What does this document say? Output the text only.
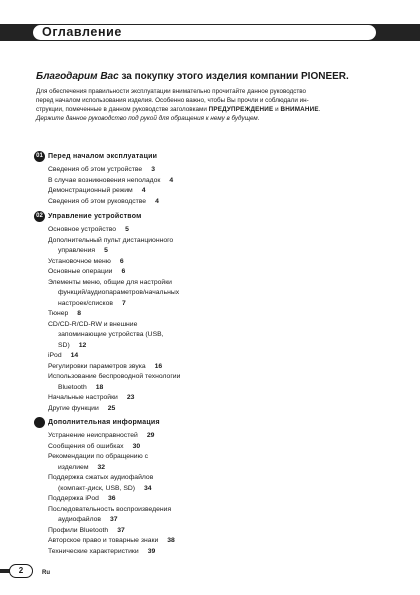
Оглавление
Благодарим Вас за покупку этого изделия компании PIONEER.

Для обеспечения правильности эксплуатации внимательно прочитайте данное руководство

перед началом использования изделия. Особенно важно, чтобы Вы прочли и соблюдали ин-

струкции, помеченные в данном руководстве заголовками ПРЕДУПРЕЖДЕНИЕ и ВНИМАНИЕ.

Держите данное руководство под рукой для обращения к нему в будущем.

01 Перед началом эксплуатации
Сведения об этом устройстве 3
В случае возникновения неполадок 4
Демонстрационный режим 4
Сведения об этом руководстве 4
02 Управление устройством
Основное устройство 5
Дополнительный пульт дистанционного
управления 5
Установочное меню 6
Основные операции 6
Элементы меню, общие для настройки
функций/аудиопараметров/начальных
настроек/списков 7
Тюнер 8
CD/CD-R/CD-RW и внешние
запоминающие устройства (USB,
SD) 12
iPod 14
Регулировки параметров звука 16
Использование беспроводной технологии
Bluetooth 18
Начальные настройки 23
Другие функции 25
Дополнительная информация
Устранение неисправностей 29
Сообщения об ошибках 30
Рекомендации по обращению с
изделием 32
Поддержка сжатых аудиофайлов
(компакт-диск, USB, SD) 34
Поддержка iPod 36
Последовательность воспроизведения
аудиофайлов 37
Профили Bluetooth 37
Авторское право и товарные знаки 38
Технические характеристики 39
2	Ru
